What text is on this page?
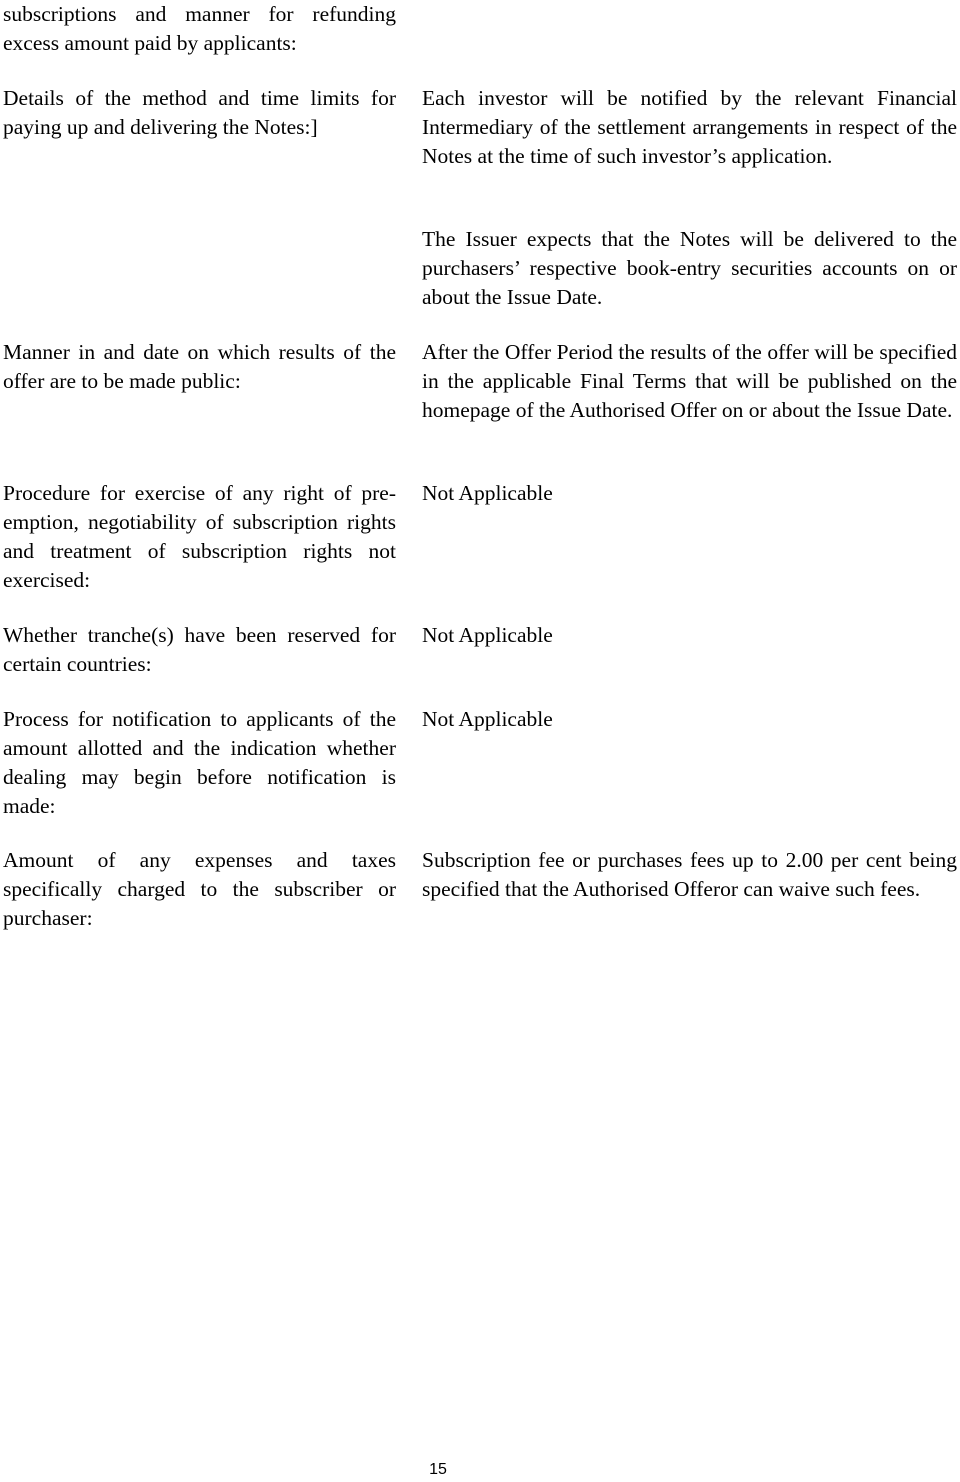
subscriptions and manner for refunding excess amount paid by applicants:

Details of the method and time limits for paying up and delivering the Notes:]

Each investor will be notified by the relevant Financial Intermediary of the settlement arrangements in respect of the Notes at the time of such investor’s application.

The Issuer expects that the Notes will be delivered to the purchasers’ respective book-entry securities accounts on or about the Issue Date.

Manner in and date on which results of the offer are to be made public:

After the Offer Period the results of the offer will be specified in the applicable Final Terms that will be published on the homepage of the Authorised Offer on or about the Issue Date.

Procedure for exercise of any right of pre-emption, negotiability of subscription rights and treatment of subscription rights not exercised:

Not Applicable

Whether tranche(s) have been reserved for certain countries:

Not Applicable

Process for notification to applicants of the amount allotted and the indication whether dealing may begin before notification is made:

Not Applicable

Amount of any expenses and taxes specifically charged to the subscriber or purchaser:

Subscription fee or purchases fees up to 2.00 per cent being specified that the Authorised Offeror can waive such fees.

15
